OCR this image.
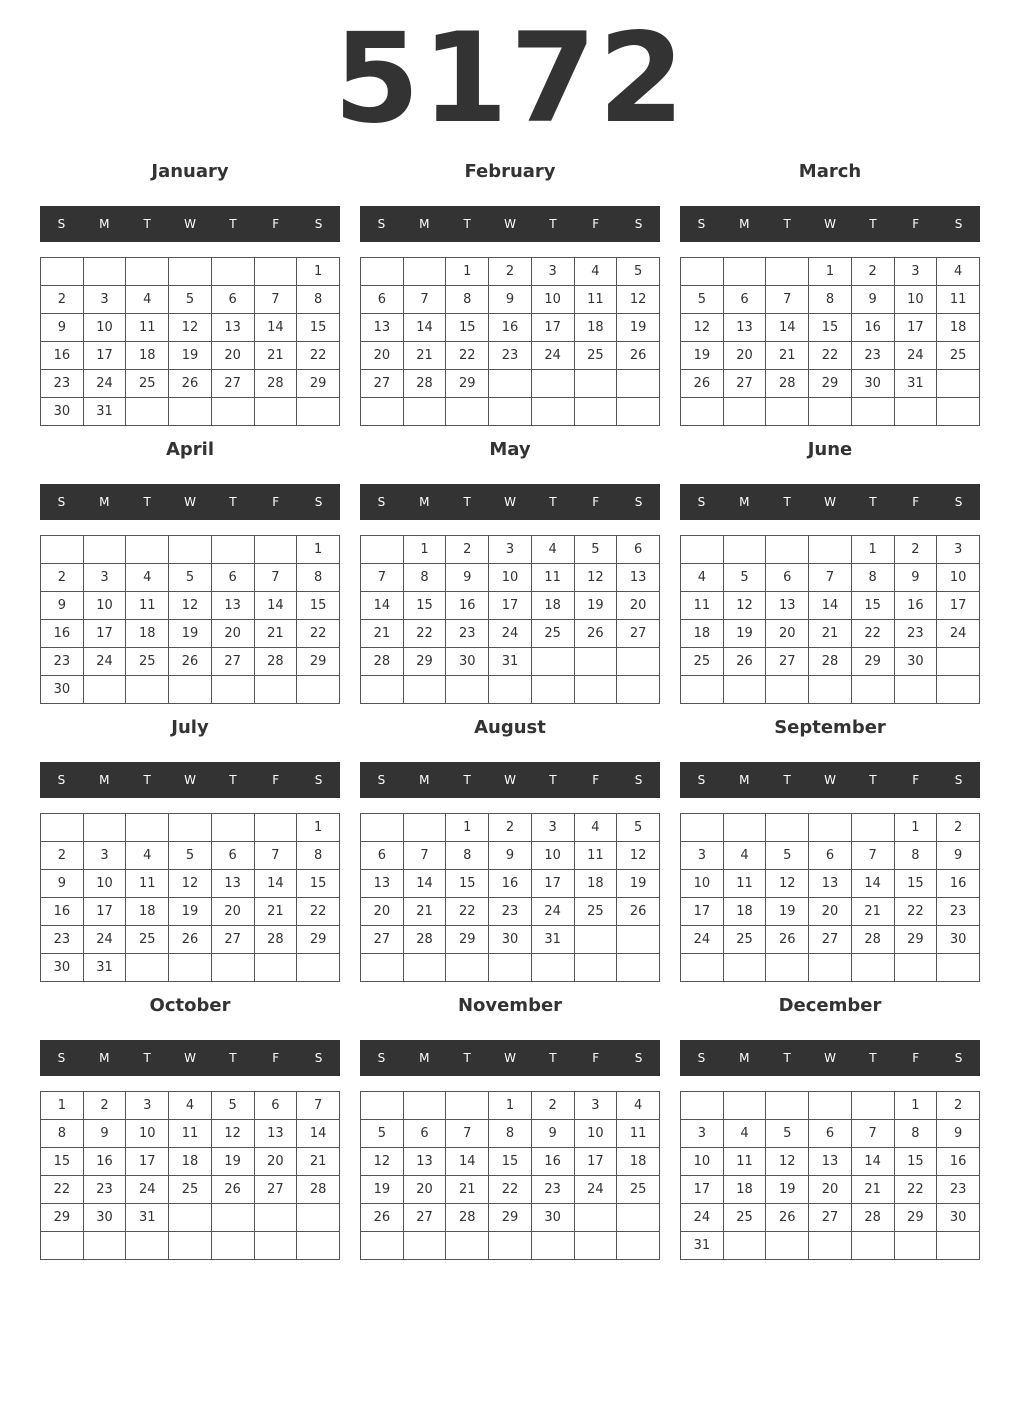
5172
January
S	M	T	W	T	F	S
						1
2	3	4	5	6	7	8
9	10	11	12	13	14	15
16	17	18	19	20	21	22
23	24	25	26	27	28	29
30	31					
February
S	M	T	W	T	F	S
		1	2	3	4	5
6	7	8	9	10	11	12
13	14	15	16	17	18	19
20	21	22	23	24	25	26
27	28	29				

March
S	M	T	W	T	F	S
			1	2	3	4
5	6	7	8	9	10	11
12	13	14	15	16	17	18
19	20	21	22	23	24	25
26	27	28	29	30	31	

April
S	M	T	W	T	F	S
						1
2	3	4	5	6	7	8
9	10	11	12	13	14	15
16	17	18	19	20	21	22
23	24	25	26	27	28	29
30						
May
S	M	T	W	T	F	S
	1	2	3	4	5	6
7	8	9	10	11	12	13
14	15	16	17	18	19	20
21	22	23	24	25	26	27
28	29	30	31			

June
S	M	T	W	T	F	S
				1	2	3
4	5	6	7	8	9	10
11	12	13	14	15	16	17
18	19	20	21	22	23	24
25	26	27	28	29	30	

July
S	M	T	W	T	F	S
						1
2	3	4	5	6	7	8
9	10	11	12	13	14	15
16	17	18	19	20	21	22
23	24	25	26	27	28	29
30	31					
August
S	M	T	W	T	F	S
		1	2	3	4	5
6	7	8	9	10	11	12
13	14	15	16	17	18	19
20	21	22	23	24	25	26
27	28	29	30	31		

September
S	M	T	W	T	F	S
					1	2
3	4	5	6	7	8	9
10	11	12	13	14	15	16
17	18	19	20	21	22	23
24	25	26	27	28	29	30

October
S	M	T	W	T	F	S
1	2	3	4	5	6	7
8	9	10	11	12	13	14
15	16	17	18	19	20	21
22	23	24	25	26	27	28
29	30	31				

November
S	M	T	W	T	F	S
			1	2	3	4
5	6	7	8	9	10	11
12	13	14	15	16	17	18
19	20	21	22	23	24	25
26	27	28	29	30		

December
S	M	T	W	T	F	S
					1	2
3	4	5	6	7	8	9
10	11	12	13	14	15	16
17	18	19	20	21	22	23
24	25	26	27	28	29	30
31						
